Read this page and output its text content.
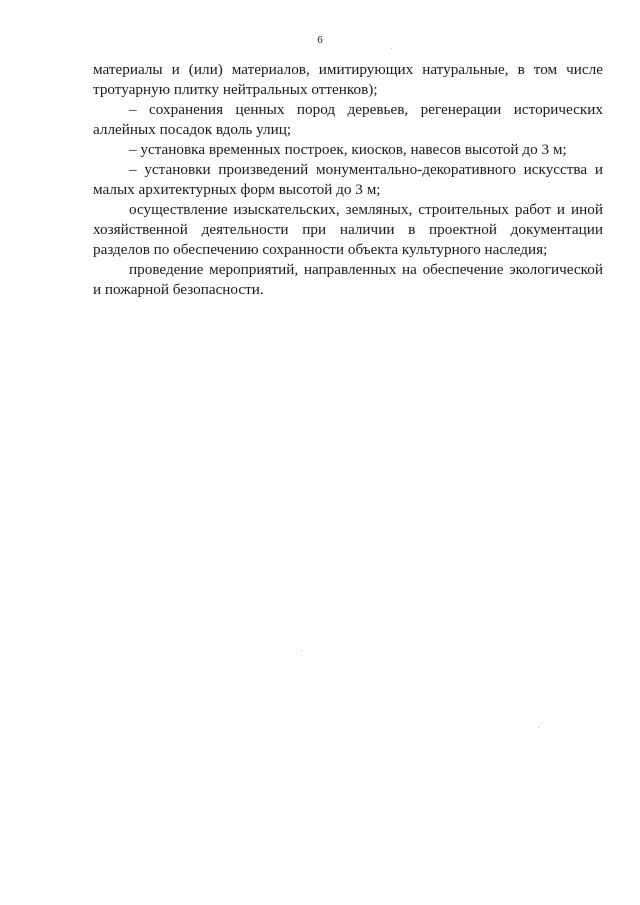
6

материалы и (или) материалов, имитирующих натуральные, в том числе тротуарную плитку нейтральных оттенков);

– сохранения ценных пород деревьев, регенерации исторических аллейных посадок вдоль улиц;

– установка временных построек, киосков, навесов высотой до 3 м;

– установки произведений монументально-декоративного искусства и малых архитектурных форм высотой до 3 м;

осуществление изыскательских, земляных, строительных работ и иной хозяйственной деятельности при наличии в проектной документации разделов по обеспечению сохранности объекта культурного наследия;

проведение мероприятий, направленных на обеспечение экологической и пожарной безопасности.
